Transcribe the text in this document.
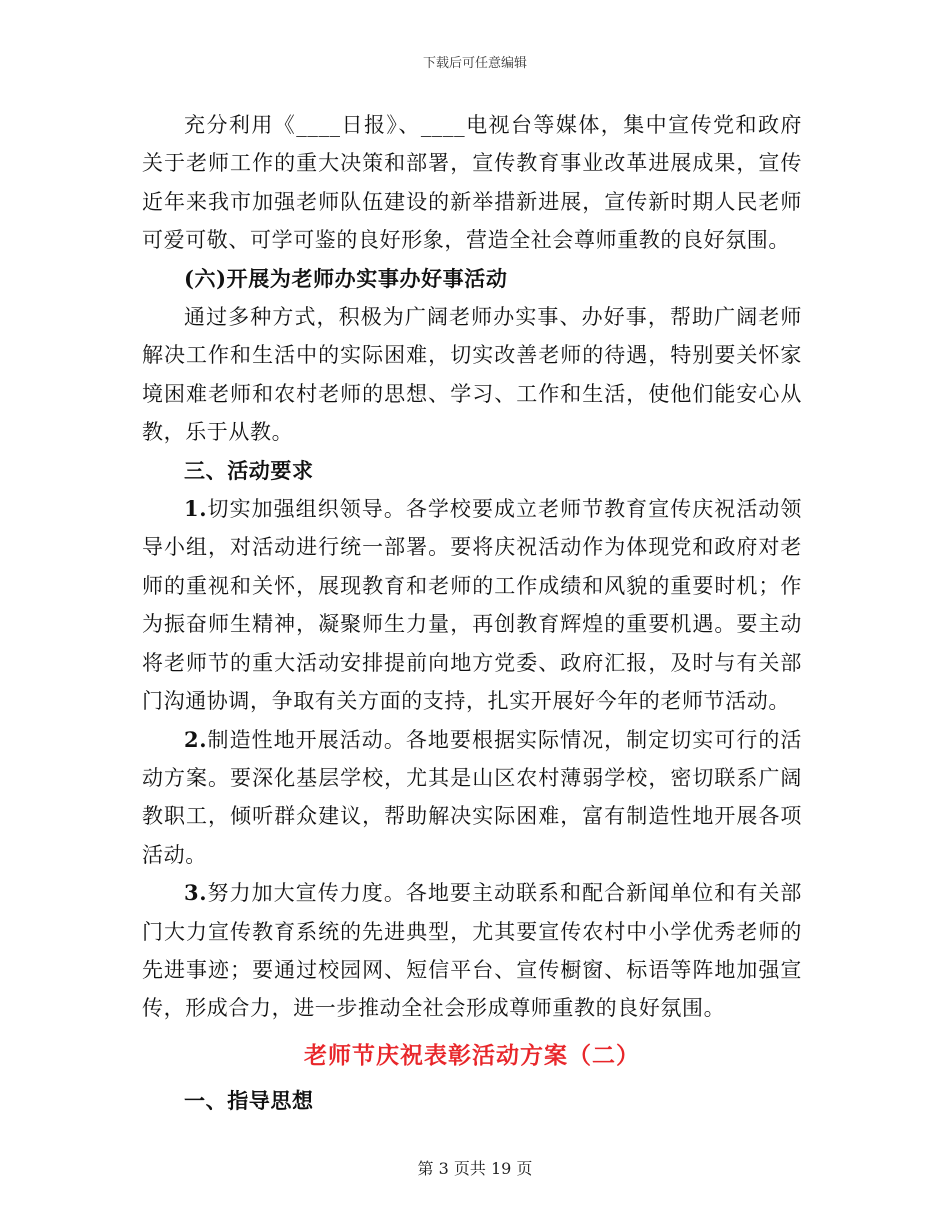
下载后可任意编辑

充分利用《____日报》、____电视台等媒体，集中宣传党和政府关于老师工作的重大决策和部署，宣传教育事业改革进展成果，宣传近年来我市加强老师队伍建设的新举措新进展，宣传新时期人民老师可爱可敬、可学可鉴的良好形象，营造全社会尊师重教的良好氛围。

(六)开展为老师办实事办好事活动

通过多种方式，积极为广阔老师办实事、办好事，帮助广阔老师解决工作和生活中的实际困难，切实改善老师的待遇，特别要关怀家境困难老师和农村老师的思想、学习、工作和生活，使他们能安心从教，乐于从教。

三、活动要求

1.切实加强组织领导。各学校要成立老师节教育宣传庆祝活动领导小组，对活动进行统一部署。要将庆祝活动作为体现党和政府对老师的重视和关怀，展现教育和老师的工作成绩和风貌的重要时机；作为振奋师生精神，凝聚师生力量，再创教育辉煌的重要机遇。要主动将老师节的重大活动安排提前向地方党委、政府汇报，及时与有关部门沟通协调，争取有关方面的支持，扎实开展好今年的老师节活动。

2.制造性地开展活动。各地要根据实际情况，制定切实可行的活动方案。要深化基层学校，尤其是山区农村薄弱学校，密切联系广阔教职工，倾听群众建议，帮助解决实际困难，富有制造性地开展各项活动。

3.努力加大宣传力度。各地要主动联系和配合新闻单位和有关部门大力宣传教育系统的先进典型，尤其要宣传农村中小学优秀老师的先进事迹；要通过校园网、短信平台、宣传橱窗、标语等阵地加强宣传，形成合力，进一步推动全社会形成尊师重教的良好氛围。

老师节庆祝表彰活动方案（二）

一、指导思想

第 3 页共 19 页
